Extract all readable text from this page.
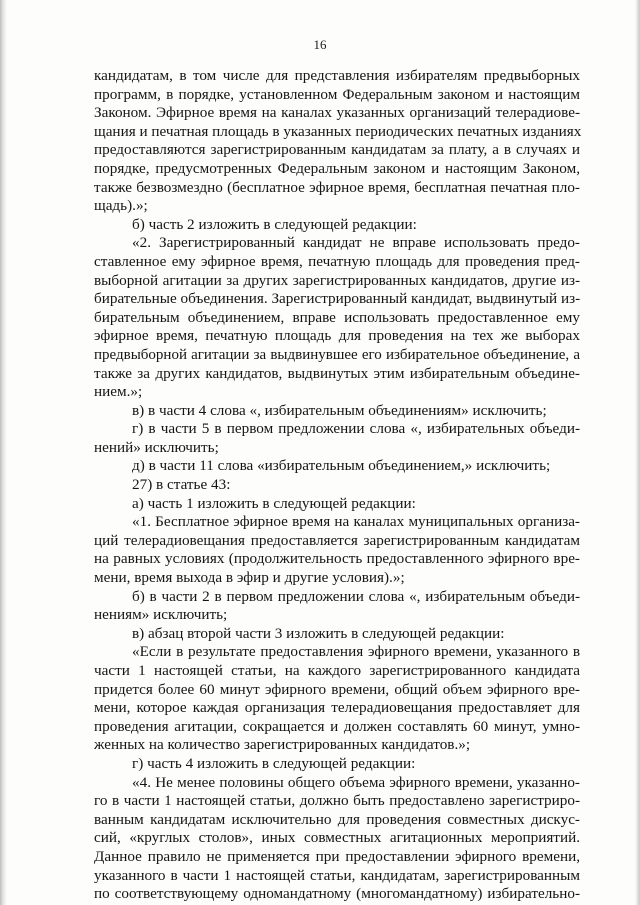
16
кандидатам, в том числе для представления избирателям предвыборных
программ, в порядке, установленном Федеральным законом и настоящим
Законом. Эфирное время на каналах указанных организаций телерадиове-
щания и печатная площадь в указанных периодических печатных изданиях
предоставляются зарегистрированным кандидатам за плату, а в случаях и
порядке, предусмотренных Федеральным законом и настоящим Законом,
также безвозмездно (бесплатное эфирное время, бесплатная печатная пло-
щадь).»;
б) часть 2 изложить в следующей редакции:
«2. Зарегистрированный кандидат не вправе использовать предо-
ставленное ему эфирное время, печатную площадь для проведения пред-
выборной агитации за других зарегистрированных кандидатов, другие из-
бирательные объединения. Зарегистрированный кандидат, выдвинутый из-
бирательным объединением, вправе использовать предоставленное ему
эфирное время, печатную площадь для проведения на тех же выборах
предвыборной агитации за выдвинувшее его избирательное объединение, а
также за других кандидатов, выдвинутых этим избирательным объедине-
нием.»;
в) в части 4 слова «, избирательным объединениям» исключить;
г) в части 5 в первом предложении слова «, избирательных объеди-
нений» исключить;
д) в части 11 слова «избирательным объединением,» исключить;
27) в статье 43:
а) часть 1 изложить в следующей редакции:
«1. Бесплатное эфирное время на каналах муниципальных организа-
ций телерадиовещания предоставляется зарегистрированным кандидатам
на равных условиях (продолжительность предоставленного эфирного вре-
мени, время выхода в эфир и другие условия).»;
б) в части 2 в первом предложении слова «, избирательным объеди-
нениям» исключить;
в) абзац второй части 3 изложить в следующей редакции:
«Если в результате предоставления эфирного времени, указанного в
части 1 настоящей статьи, на каждого зарегистрированного кандидата
придется более 60 минут эфирного времени, общий объем эфирного вре-
мени, которое каждая организация телерадиовещания предоставляет для
проведения агитации, сокращается и должен составлять 60 минут, умно-
женных на количество зарегистрированных кандидатов.»;
г) часть 4 изложить в следующей редакции:
«4. Не менее половины общего объема эфирного времени, указанно-
го в части 1 настоящей статьи, должно быть предоставлено зарегистриро-
ванным кандидатам исключительно для проведения совместных дискус-
сий, «круглых столов», иных совместных агитационных мероприятий.
Данное правило не применяется при предоставлении эфирного времени,
указанного в части 1 настоящей статьи, кандидатам, зарегистрированным
по соответствующему одномандатному (многомандатному) избирательно-
